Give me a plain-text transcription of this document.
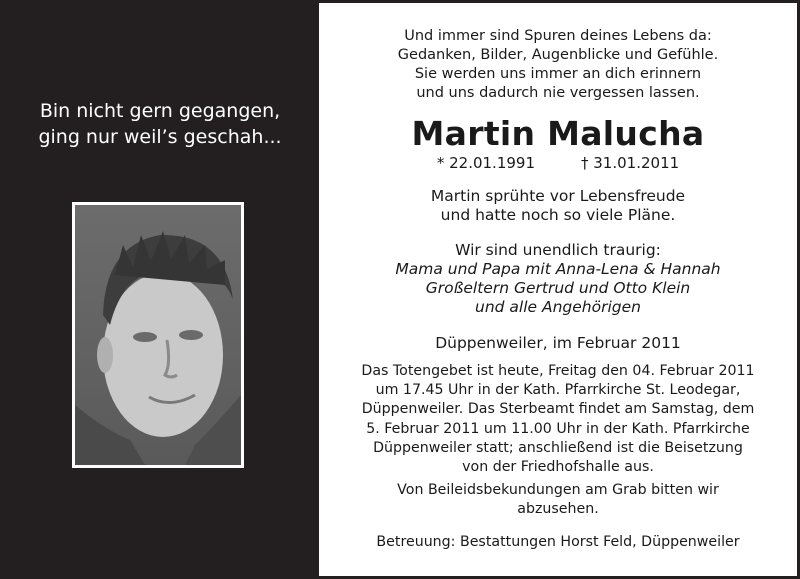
Bin nicht gern gegangen,
ging nur weil’s geschah...
Und immer sind Spuren deines Lebens da:
Gedanken, Bilder, Augenblicke und Gefühle.
Sie werden uns immer an dich erinnern
und uns dadurch nie vergessen lassen.
Martin Malucha
* 22.01.1991	† 31.01.2011
Martin sprühte vor Lebensfreude
und hatte noch so viele Pläne.
Wir sind unendlich traurig:
Mama und Papa mit Anna-Lena & Hannah
Großeltern Gertrud und Otto Klein
und alle Angehörigen
Düppenweiler, im Februar 2011
Das Totengebet ist heute, Freitag den 04. Februar 2011
um 17.45 Uhr in der Kath. Pfarrkirche St. Leodegar,
Düppenweiler. Das Sterbeamt findet am Samstag, dem
5. Februar 2011 um 11.00 Uhr in der Kath. Pfarrkirche
Düppenweiler statt; anschließend ist die Beisetzung
von der Friedhofshalle aus.
Von Beileidsbekundungen am Grab bitten wir
abzusehen.
Betreuung: Bestattungen Horst Feld, Düppenweiler
